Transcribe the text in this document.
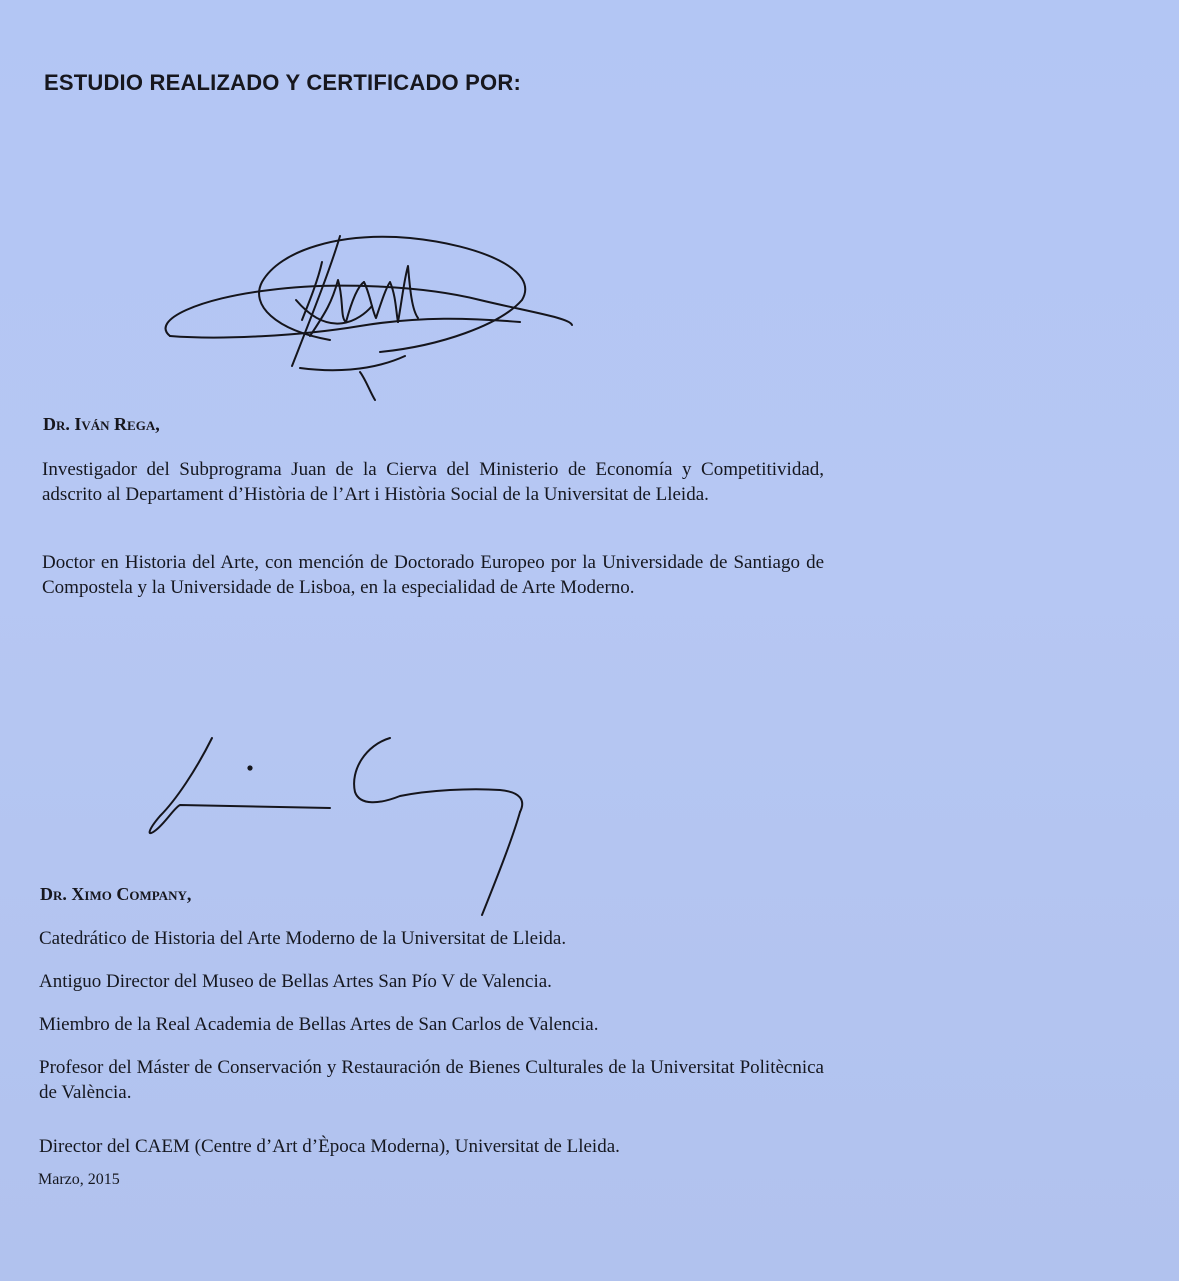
ESTUDIO REALIZADO Y CERTIFICADO POR:
Dr. Iván Rega,
Investigador del Subprograma Juan de la Cierva del Ministerio de Economía y Competitividad, adscrito al Departament d’Història de l’Art i Història Social de la Universitat de Lleida.
Doctor en Historia del Arte, con mención de Doctorado Europeo por la Universidade de Santiago de Compostela y la Universidade de Lisboa, en la especialidad de Arte Moderno.
Dr. Ximo Company,
Catedrático de Historia del Arte Moderno de la Universitat de Lleida.
Antiguo Director del Museo de Bellas Artes San Pío V de Valencia.
Miembro de la Real Academia de Bellas Artes de San Carlos de Valencia.
Profesor del Máster de Conservación y Restauración de Bienes Culturales de la Universitat Politècnica de València.
Director del CAEM (Centre d’Art d’Època Moderna), Universitat de Lleida.
Marzo, 2015
